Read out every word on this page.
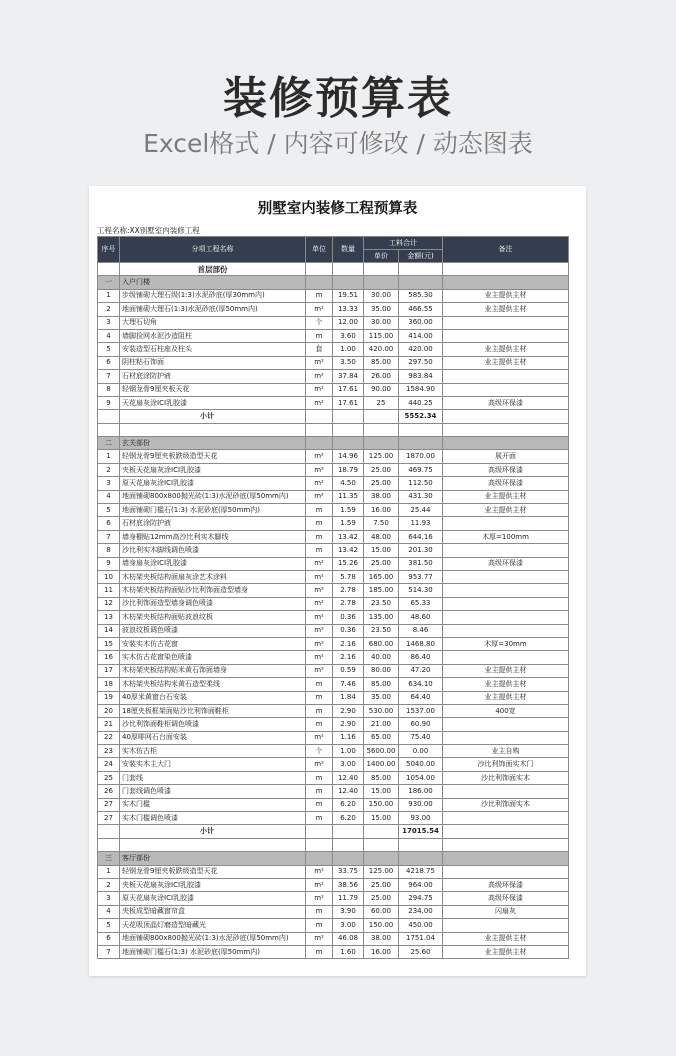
装修预算表
Excel格式 / 内容可修改 / 动态图表
别墅室内装修工程预算表
工程名称:XX别墅室内装修工程
序号	分项工程名称	单位	数量	工料合计		备注
				单价	金额(元)	
	首层部份					
一	入户门楼					
1	步级铺砌大理石级(1:3)水泥砂底(厚30mm内)	m	19.51	30.00	585.30	业主提供主材
2	地面铺砌大理石(1:3)水泥砂底(厚50mm内)	m²	13.33	35.00	466.55	业主提供主材
3	大理石切角	个	12.00	30.00	360.00	
4	墙脚捡网水泥沙造阻柱	m	3.60	115.00	414.00	
5	安装造型石柱座及柱头	套	1.00	420.00	420.00	业主提供主材
6	阴柱粘石饰面	m²	3.50	85.00	297.50	业主提供主材
7	石材底涂防护液	m²	37.84	26.00	983.84	
8	轻钢龙骨9厘夹板天花	m²	17.61	90.00	1584.90	
9	天花扇灰涂ICI乳胶漆	m²	17.61	25	440.25	高级环保漆
	小计				5552.34	

二	玄关部份					
1	轻钢龙骨9厘夹板跌级造型天花	m²	14.96	125.00	1870.00	展开面
2	夹板天花扇灰涂ICI乳胶漆	m²	18.79	25.00	469.75	高级环保漆
3	原天花扇灰涂ICI乳胶漆	m²	4.50	25.00	112.50	高级环保漆
4	地面铺砌800x800抛光砖(1:3)水泥砂底(厚50mm内)	m²	11.35	38.00	431.30	业主提供主材
5	地面铺砌门槛石(1:3) 水泥砂底(厚50mm内)	m	1.59	16.00	25.44	业主提供主材
6	石材底涂防护液	m	1.59	7.50	11.93	
7	墙身棚贴12mm高沙比利实木脚线	m	13.42	48.00	644.16	木厚=100mm
8	沙比利实木脚线调色喷漆	m	13.42	15.00	201.30	
9	墙身扇灰涂ICI乳胶漆	m²	15.26	25.00	381.50	高级环保漆
10	木枋架夹板结构面扇灰涂艺术涂料	m²	5.78	165.00	953.77	
11	木枋架夹板结构面贴沙比利饰面造型墙身	m²	2.78	185.00	514.30	
12	沙比利饰面造型墙身调色喷漆	m²	2.78	23.50	65.33	
13	木枋架夹板结构面贴波浪纹板	m²	0.36	135.00	48.60	
14	波浪纹板调色喷漆	m²	0.36	23.50	8.46	
15	安装实木仿古花窗	m²	2.16	680.00	1468.80	木厚=30mm
16	实木仿古花窗染色喷漆	m²	2.16	40.00	86.40	
17	木枋架夹板结构贴米黄石饰面墙身	m²	0.59	80.00	47.20	业主提供主材
18	木枋架夹板结构米黄石造型柔线	m	7.46	85.00	634.10	业主提供主材
19	40厚米黄窗台石安装	m	1.84	35.00	64.40	业主提供主材
20	18厘夹板框架面贴沙比利饰面鞋柜	m	2.90	530.00	1537.00	400宽
21	沙比利饰面鞋柜调色喷漆	m	2.90	21.00	60.90	
22	40厚啡网石台面安装	m²	1.16	65.00	75.40	
23	实木仿古柜	个	1.00	5600.00	0.00	业主自购
24	安装实木主大门	m²	3.00	1400.00	5040.00	沙比利饰面实木门
25	门套线	m	12.40	85.00	1054.00	沙比利饰面实木
26	门套线调色喷漆	m	12.40	15.00	186.00	
27	实木门槛	m	6.20	150.00	930.00	沙比利饰面实木
27	实木门槛调色喷漆	m	6.20	15.00	93.00	
	小计				17015.54	

三	客厅部份					
1	轻钢龙骨9厘夹板跌级造型天花	m²	33.75	125.00	4218.75	
2	夹板天花扇灰涂ICI乳胶漆	m²	38.56	25.00	964.00	高级环保漆
3	原天花扇灰涂ICI乳胶漆	m²	11.79	25.00	294.75	高级环保漆
4	夹板成型暗藏窗帘盒	m	3.90	60.00	234.00	闪扇灰
5	天花吸顶晶灯磨造型暗藏光	m	3.00	150.00	450.00	
6	地面铺砌800x800抛光砖(1:3)水泥砂底(厚50mm内)	m²	46.08	38.00	1751.04	业主提供主材
7	地面铺砌门槛石(1:3) 水泥砂底(厚50mm内)	m	1.60	16.00	25.60	业主提供主材
